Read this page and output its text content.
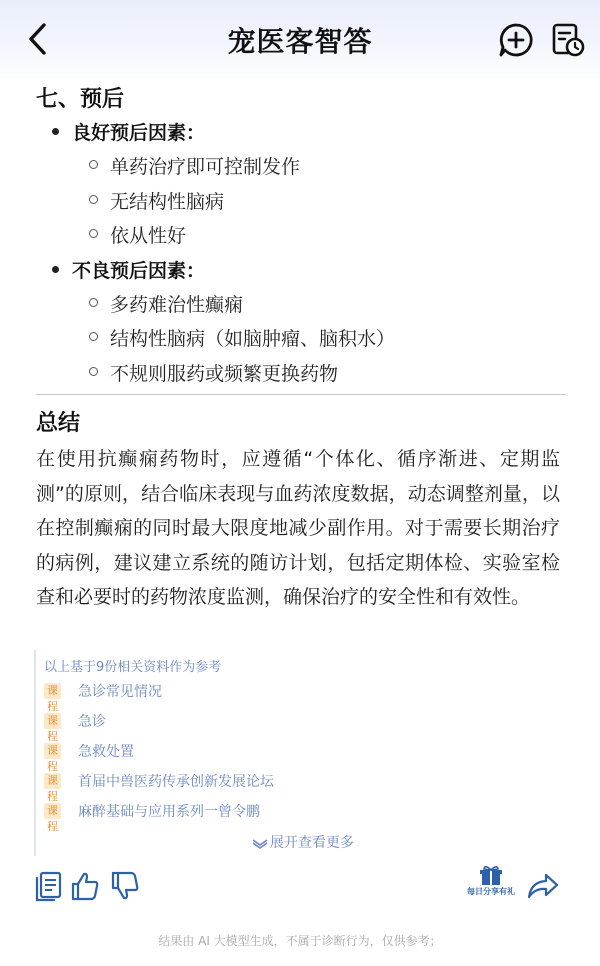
宠医客智答
七、预后
良好预后因素：
单药治疗即可控制发作
无结构性脑病
依从性好
不良预后因素：
多药难治性癫痫
结构性脑病（如脑肿瘤、脑积水）
不规则服药或频繁更换药物
总结
在使用抗癫痫药物时，应遵循“个体化、循序渐进、定期监测”的原则，结合临床表现与血药浓度数据，动态调整剂量，以在控制癫痫的同时最大限度地减少副作用。对于需要长期治疗的病例，建议建立系统的随访计划，包括定期体检、实验室检查和必要时的药物浓度监测，确保治疗的安全性和有效性。
以上基于9份相关资料作为参考
课程
急诊常见情况
课程
急诊
课程
急救处置
课程
首届中兽医药传承创新发展论坛
课程
麻醉基础与应用系列一曾令鹏
展开查看更多
每日分享有礼
结果由 AI 大模型生成，不属于诊断行为，仅供参考；
